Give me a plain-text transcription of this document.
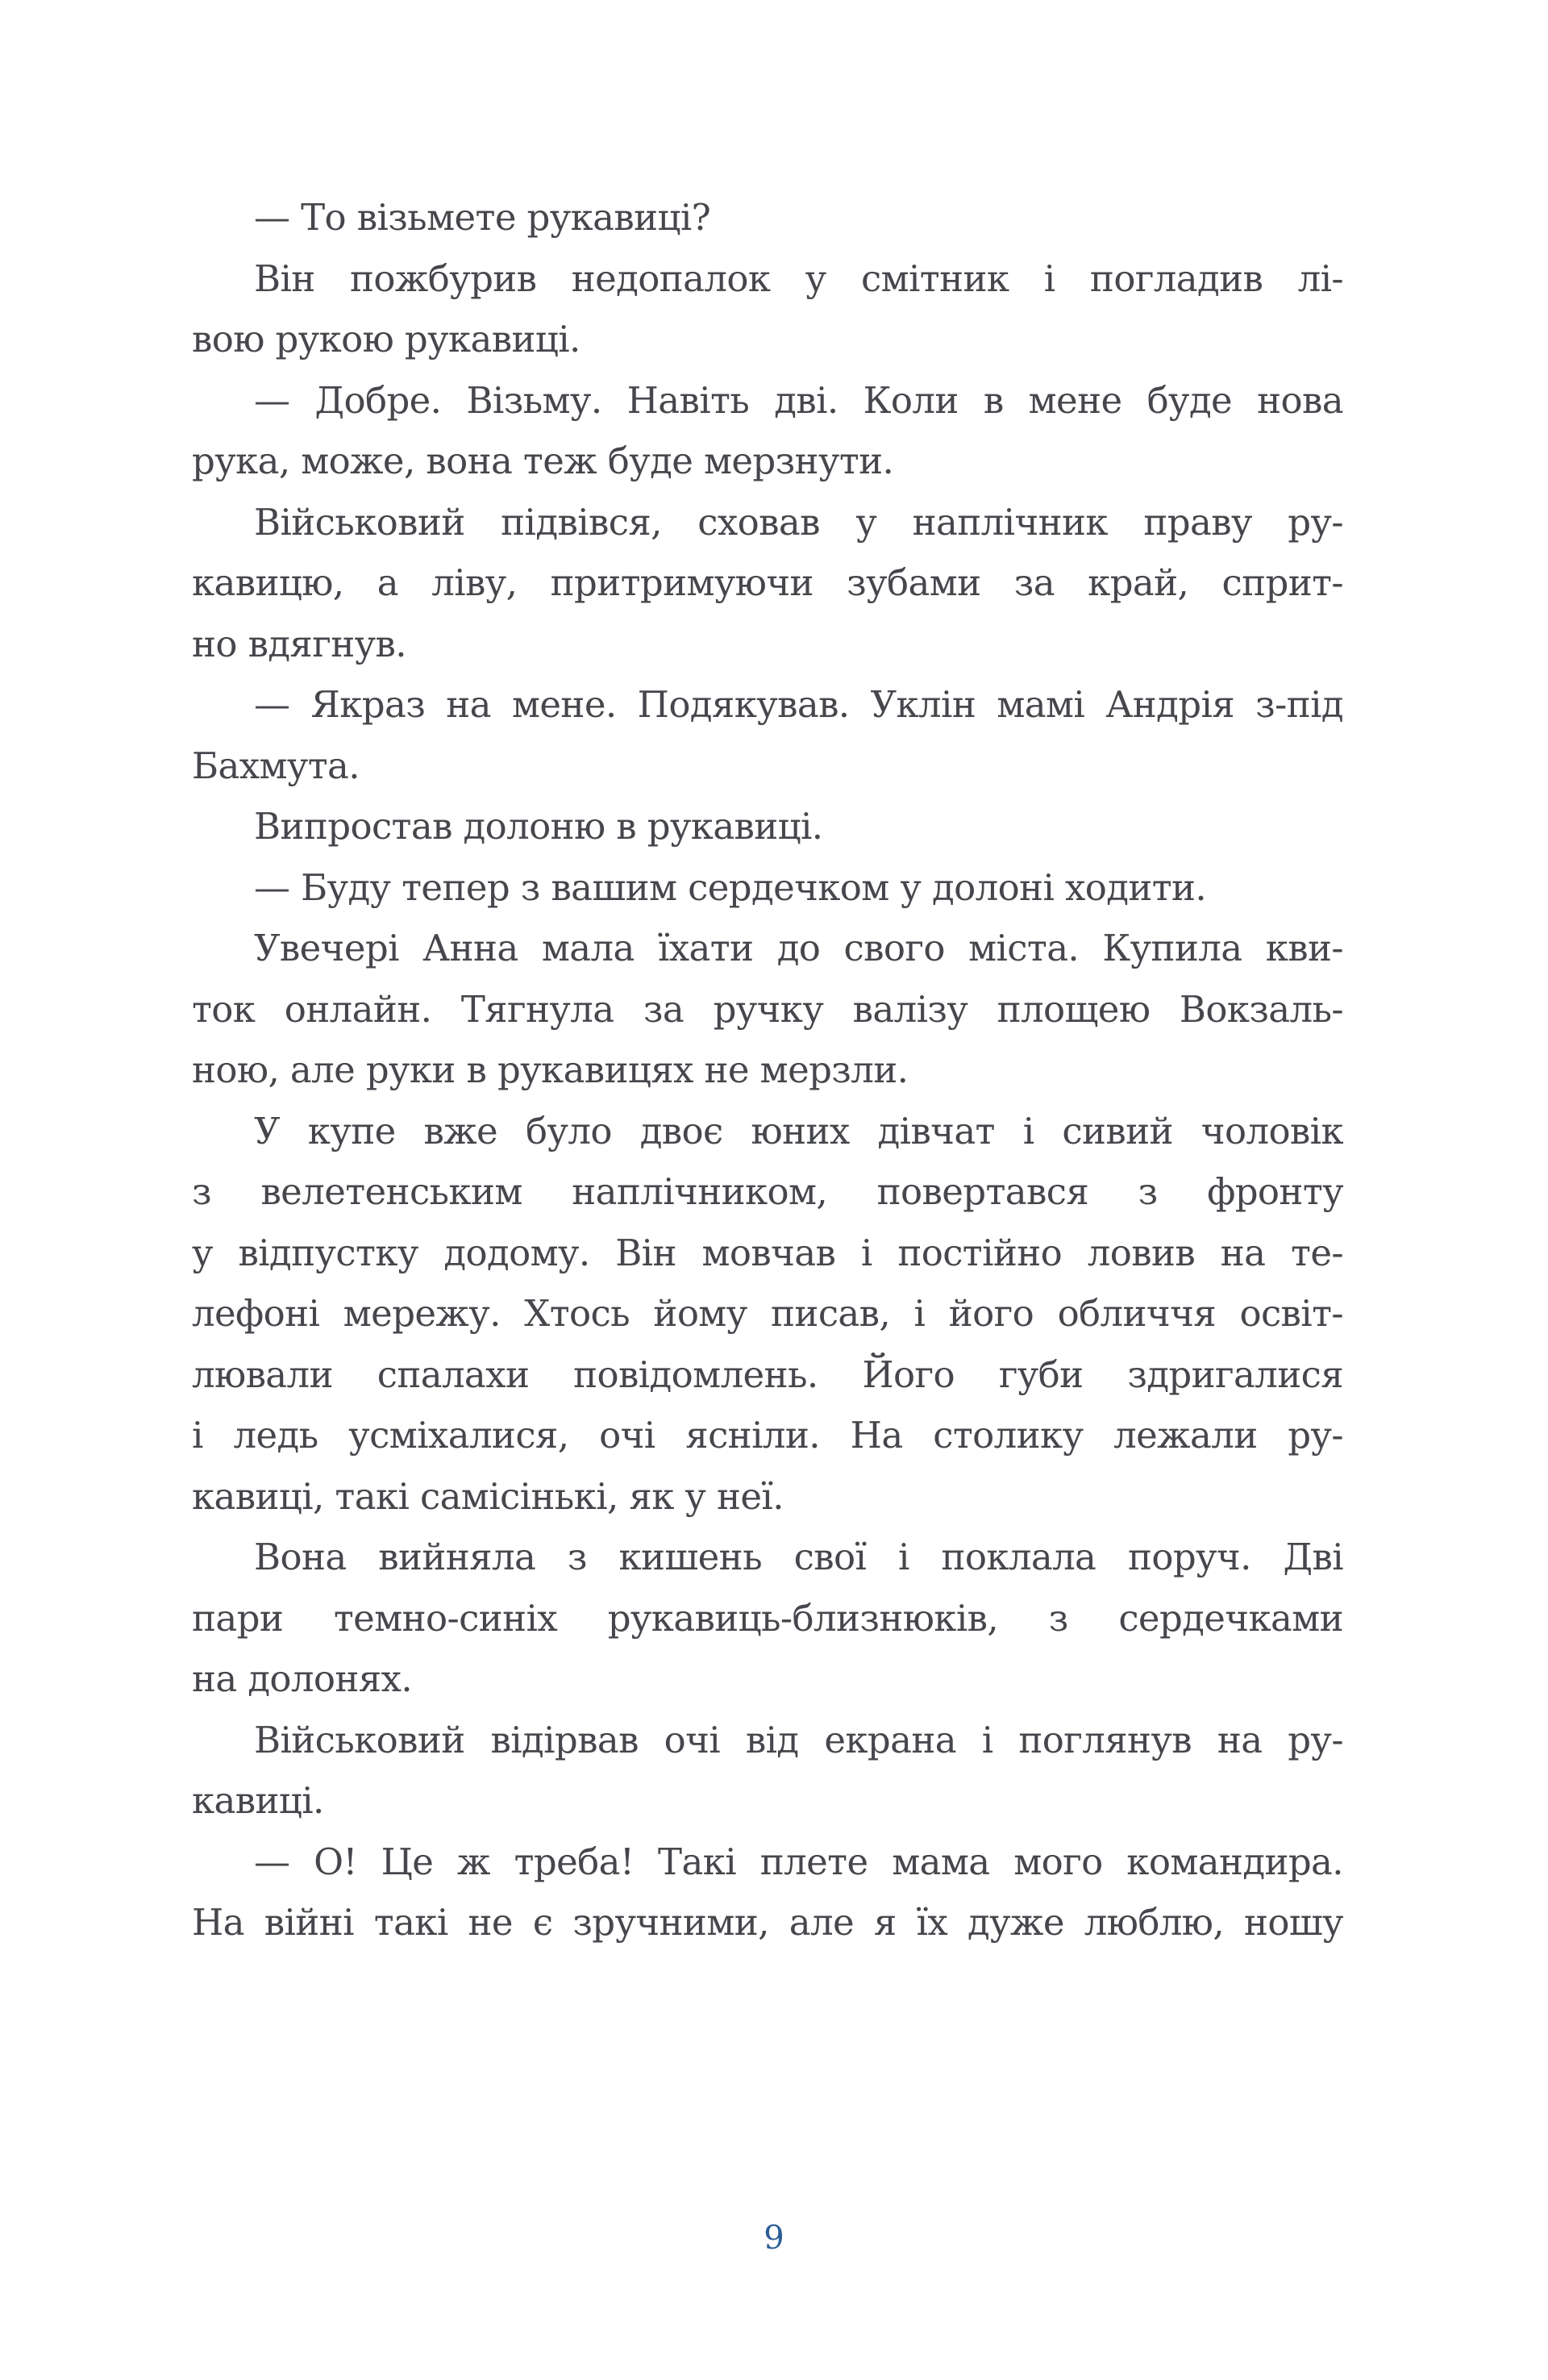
— То візьмете рукавиці?
Він пожбурив недопалок у смітник і погладив лі-
вою рукою рукавиці.
— Добре. Візьму. Навіть дві. Коли в мене буде нова
рука, може, вона теж буде мерзнути.
Військовий підвівся, сховав у наплічник праву ру-
кавицю, а ліву, притримуючи зубами за край, сприт-
но вдягнув.
— Якраз на мене. Подякував. Уклін мамі Андрія з-під
Бахмута.
Випростав долоню в рукавиці.
— Буду тепер з вашим сердечком у долоні ходити.
Увечері Анна мала їхати до свого міста. Купила кви-
ток онлайн. Тягнула за ручку валізу площею Вокзаль-
ною, але руки в рукавицях не мерзли.
У купе вже було двоє юних дівчат і сивий чоловік
з велетенським наплічником, повертався з фронту
у відпустку додому. Він мовчав і постійно ловив на те-
лефоні мережу. Хтось йому писав, і його обличчя освіт-
лювали спалахи повідомлень. Його губи здригалися
і ледь усміхалися, очі ясніли. На столику лежали ру-
кавиці, такі самісінькі, як у неї.
Вона вийняла з кишень свої і поклала поруч. Дві
пари темно-синіх рукавиць-близнюків, з сердечками
на долонях.
Військовий відірвав очі від екрана і поглянув на ру-
кавиці.
— О! Це ж треба! Такі плете мама мого командира.
На війні такі не є зручними, але я їх дуже люблю, ношу
9
